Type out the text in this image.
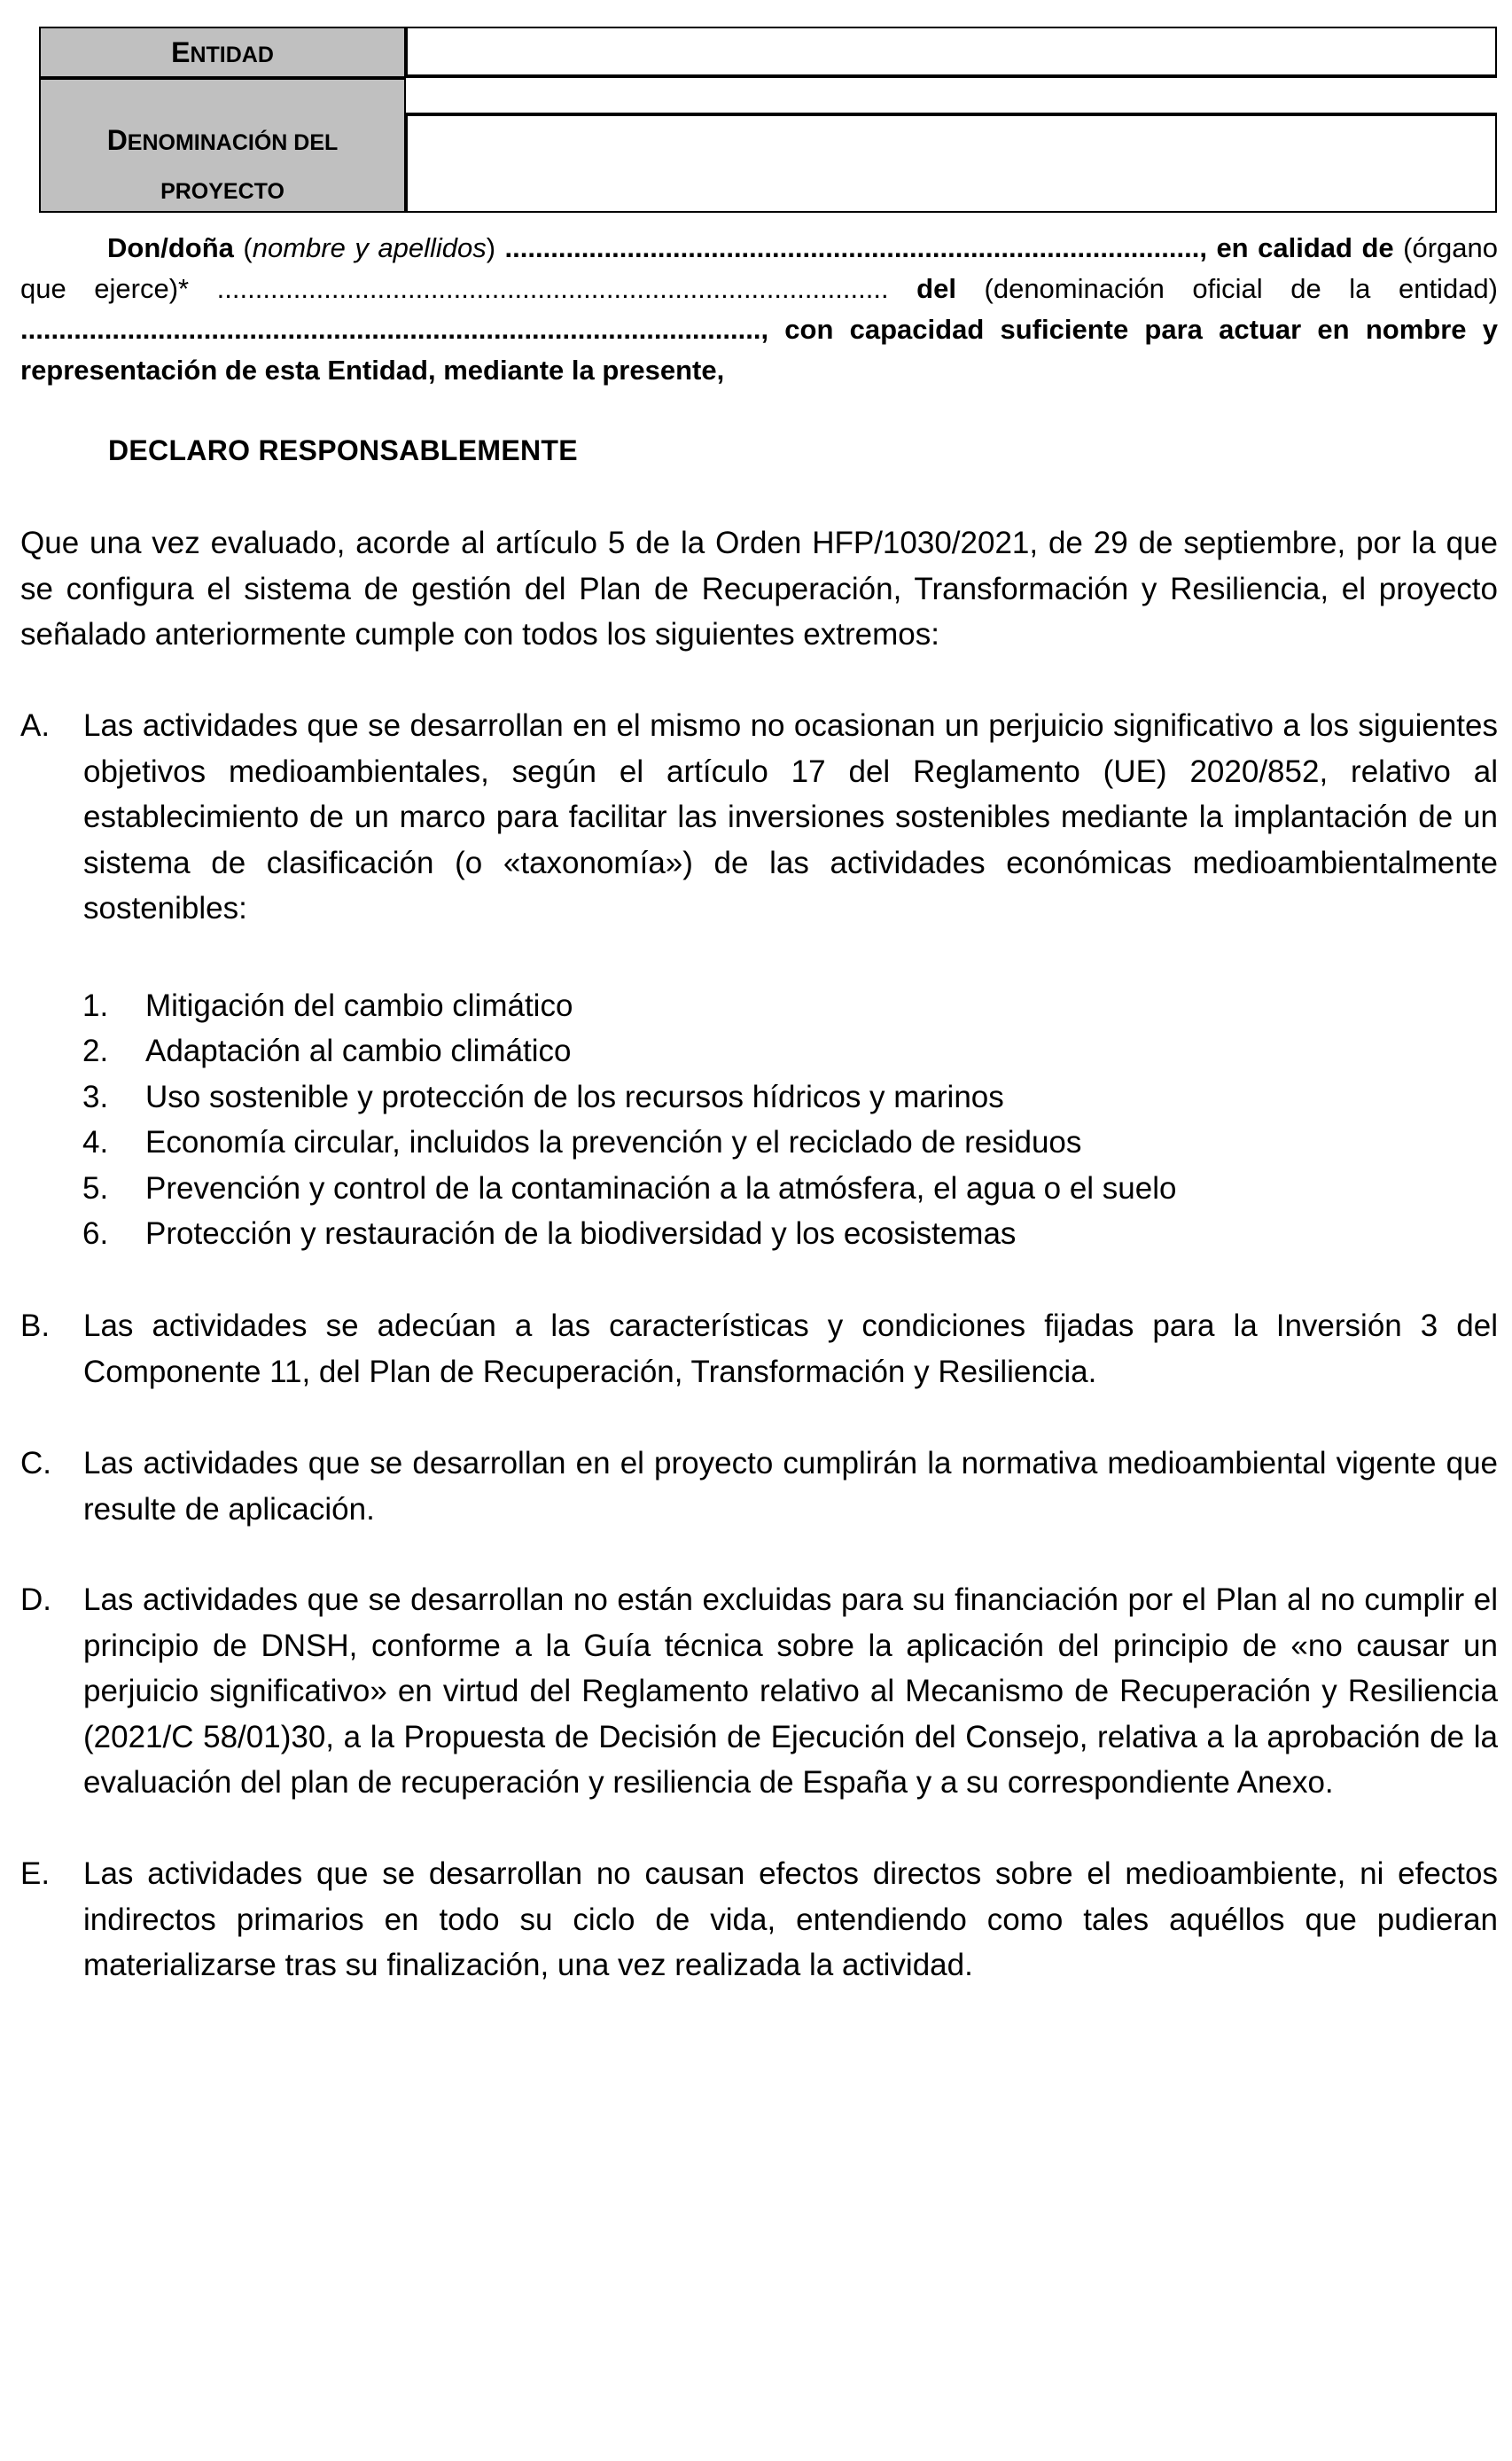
ENTIDAD
DENOMINACIÓN DEL
PROYECTO
Don/doña (nombre y apellidos) ..........................................................................................., en calidad de (órgano que ejerce)* ........................................................................................ del (denominación oficial de la entidad) ................................................................................................., con capacidad suficiente para actuar en nombre y representación de esta Entidad, mediante la presente,
DECLARO RESPONSABLEMENTE
Que una vez evaluado, acorde al artículo 5 de la Orden HFP/1030/2021, de 29 de septiembre, por la que se configura el sistema de gestión del Plan de Recuperación, Transformación y Resiliencia, el proyecto señalado anteriormente cumple con todos los siguientes extremos:
A. Las actividades que se desarrollan en el mismo no ocasionan un perjuicio significativo a los siguientes objetivos medioambientales, según el artículo 17 del Reglamento (UE) 2020/852, relativo al establecimiento de un marco para facilitar las inversiones sostenibles mediante la implantación de un sistema de clasificación (o «taxonomía») de las actividades económicas medioambientalmente sostenibles:
1. Mitigación del cambio climático
2. Adaptación al cambio climático
3. Uso sostenible y protección de los recursos hídricos y marinos
4. Economía circular, incluidos la prevención y el reciclado de residuos
5. Prevención y control de la contaminación a la atmósfera, el agua o el suelo
6. Protección y restauración de la biodiversidad y los ecosistemas
B. Las actividades se adecúan a las características y condiciones fijadas para la Inversión 3 del Componente 11, del Plan de Recuperación, Transformación y Resiliencia.
C. Las actividades que se desarrollan en el proyecto cumplirán la normativa medioambiental vigente que resulte de aplicación.
D. Las actividades que se desarrollan no están excluidas para su financiación por el Plan al no cumplir el principio de DNSH, conforme a la Guía técnica sobre la aplicación del principio de «no causar un perjuicio significativo» en virtud del Reglamento relativo al Mecanismo de Recuperación y Resiliencia (2021/C 58/01)30, a la Propuesta de Decisión de Ejecución del Consejo, relativa a la aprobación de la evaluación del plan de recuperación y resiliencia de España y a su correspondiente Anexo.
E. Las actividades que se desarrollan no causan efectos directos sobre el medioambiente, ni efectos indirectos primarios en todo su ciclo de vida, entendiendo como tales aquéllos que pudieran materializarse tras su finalización, una vez realizada la actividad.
